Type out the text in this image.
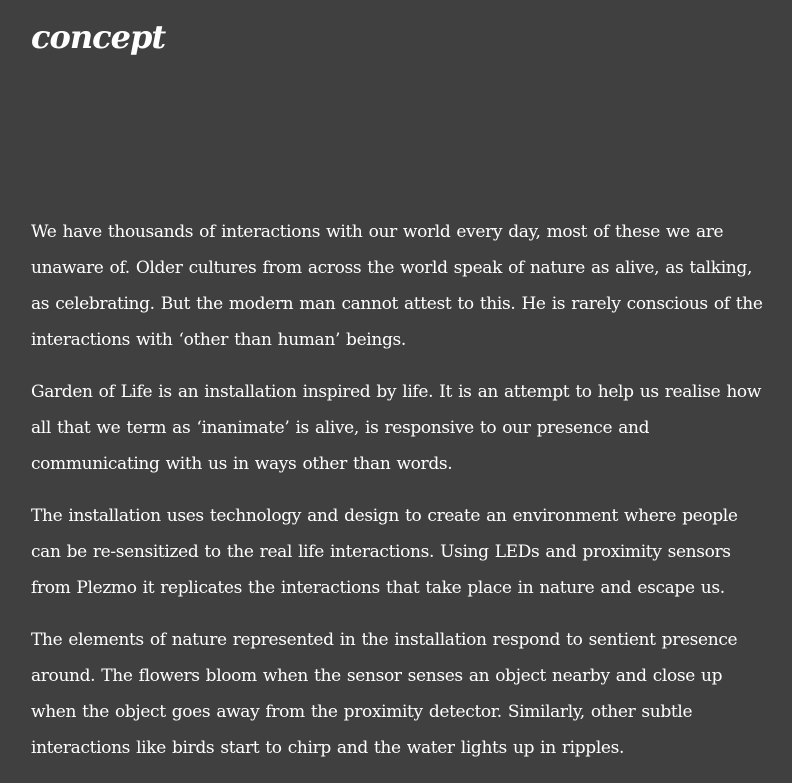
concept

We have thousands of interactions with our world every day, most of these we are unaware of. Older cultures from across the world speak of nature as alive, as talking, as celebrating. But the modern man cannot attest to this. He is rarely conscious of the interactions with ‘other than human’ beings.

Garden of Life is an installation inspired by life. It is an attempt to help us realise how all that we term as ‘inanimate’ is alive, is responsive to our presence and communicating with us in ways other than words.

The installation uses technology and design to create an environment where people can be re-sensitized to the real life interactions. Using LEDs and proximity sensors from Plezmo it replicates the interactions that take place in nature and escape us.

The elements of nature represented in the installation respond to sentient presence around. The flowers bloom when the sensor senses an object nearby and close up when the object goes away from the proximity detector. Similarly, other subtle interactions like birds start to chirp and the water lights up in ripples.
